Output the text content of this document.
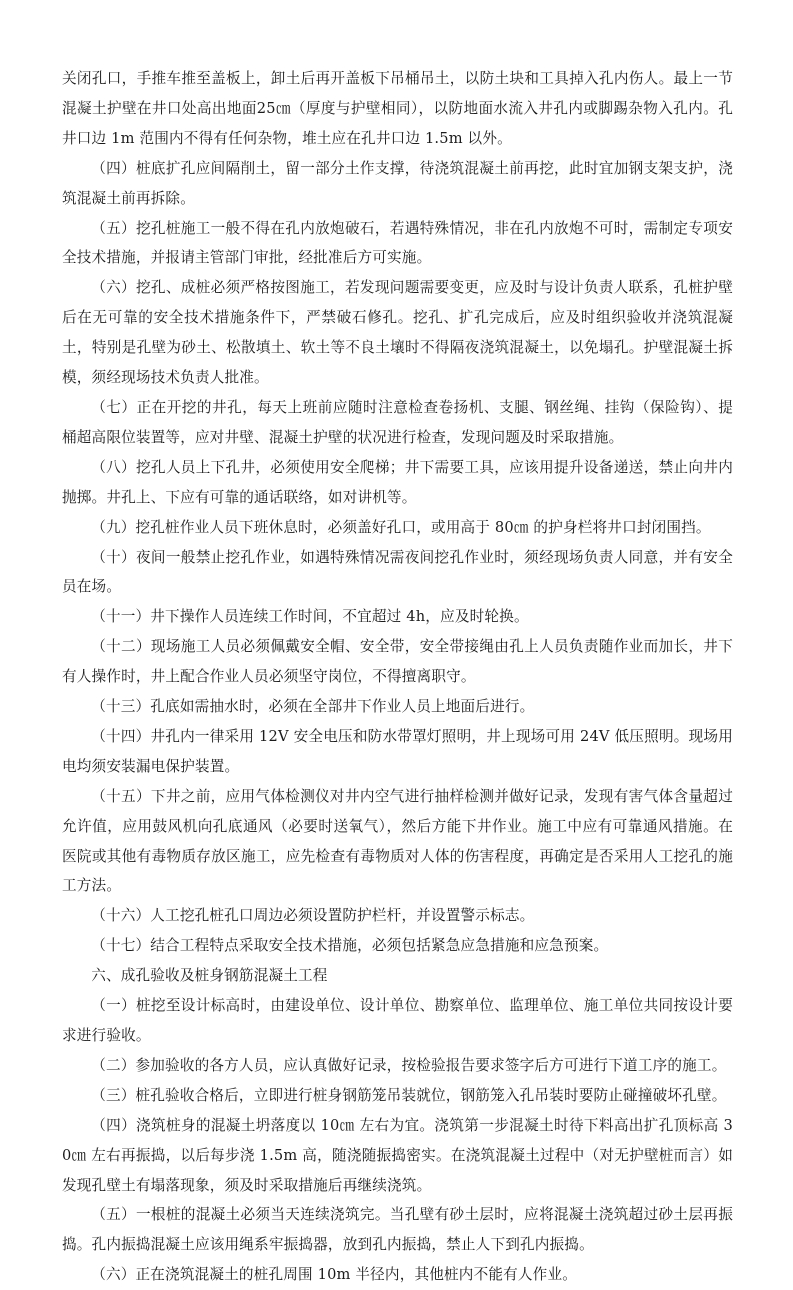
关闭孔口，手推车推至盖板上，卸土后再开盖板下吊桶吊土，以防土块和工具掉入孔内伤人。最上一节混凝土护壁在井口处高出地面25㎝（厚度与护壁相同），以防地面水流入井孔内或脚踢杂物入孔内。孔井口边 1m 范围内不得有任何杂物，堆土应在孔井口边 1.5m 以外。

（四）桩底扩孔应间隔削土，留一部分土作支撑，待浇筑混凝土前再挖，此时宜加钢支架支护，浇筑混凝土前再拆除。

（五）挖孔桩施工一般不得在孔内放炮破石，若遇特殊情况，非在孔内放炮不可时，需制定专项安全技术措施，并报请主管部门审批，经批准后方可实施。

（六）挖孔、成桩必须严格按图施工，若发现问题需要变更，应及时与设计负责人联系，孔桩护壁后在无可靠的安全技术措施条件下，严禁破石修孔。挖孔、扩孔完成后，应及时组织验收并浇筑混凝土，特别是孔壁为砂土、松散填土、软土等不良土壤时不得隔夜浇筑混凝土，以免塌孔。护壁混凝土拆模，须经现场技术负责人批准。

（七）正在开挖的井孔，每天上班前应随时注意检查卷扬机、支腿、钢丝绳、挂钩（保险钩）、提桶超高限位装置等，应对井壁、混凝土护壁的状况进行检查，发现问题及时采取措施。

（八）挖孔人员上下孔井，必须使用安全爬梯；井下需要工具，应该用提升设备递送，禁止向井内抛掷。井孔上、下应有可靠的通话联络，如对讲机等。

（九）挖孔桩作业人员下班休息时，必须盖好孔口，或用高于 80㎝ 的护身栏将井口封闭围挡。

（十）夜间一般禁止挖孔作业，如遇特殊情况需夜间挖孔作业时，须经现场负责人同意，并有安全员在场。

（十一）井下操作人员连续工作时间，不宜超过 4h，应及时轮换。

（十二）现场施工人员必须佩戴安全帽、安全带，安全带接绳由孔上人员负责随作业而加长，井下有人操作时，井上配合作业人员必须坚守岗位，不得擅离职守。

（十三）孔底如需抽水时，必须在全部井下作业人员上地面后进行。

（十四）井孔内一律采用 12V 安全电压和防水带罩灯照明，井上现场可用 24V 低压照明。现场用电均须安装漏电保护装置。

（十五）下井之前，应用气体检测仪对井内空气进行抽样检测并做好记录，发现有害气体含量超过允许值，应用鼓风机向孔底通风（必要时送氧气），然后方能下井作业。施工中应有可靠通风措施。在医院或其他有毒物质存放区施工，应先检查有毒物质对人体的伤害程度，再确定是否采用人工挖孔的施工方法。

（十六）人工挖孔桩孔口周边必须设置防护栏杆，并设置警示标志。

（十七）结合工程特点采取安全技术措施，必须包括紧急应急措施和应急预案。

六、成孔验收及桩身钢筋混凝土工程

（一）桩挖至设计标高时，由建设单位、设计单位、勘察单位、监理单位、施工单位共同按设计要求进行验收。

（二）参加验收的各方人员，应认真做好记录，按检验报告要求签字后方可进行下道工序的施工。

（三）桩孔验收合格后，立即进行桩身钢筋笼吊装就位，钢筋笼入孔吊装时要防止碰撞破坏孔壁。

（四）浇筑桩身的混凝土坍落度以 10㎝ 左右为宜。浇筑第一步混凝土时待下料高出扩孔顶标高 30㎝ 左右再振捣，以后每步浇 1.5m 高，随浇随振捣密实。在浇筑混凝土过程中（对无护壁桩而言）如发现孔壁土有塌落现象，须及时采取措施后再继续浇筑。

（五）一根桩的混凝土必须当天连续浇筑完。当孔壁有砂土层时，应将混凝土浇筑超过砂土层再振捣。孔内振捣混凝土应该用绳系牢振捣器，放到孔内振捣，禁止人下到孔内振捣。

（六）正在浇筑混凝土的桩孔周围 10m 半径内，其他桩内不能有人作业。
